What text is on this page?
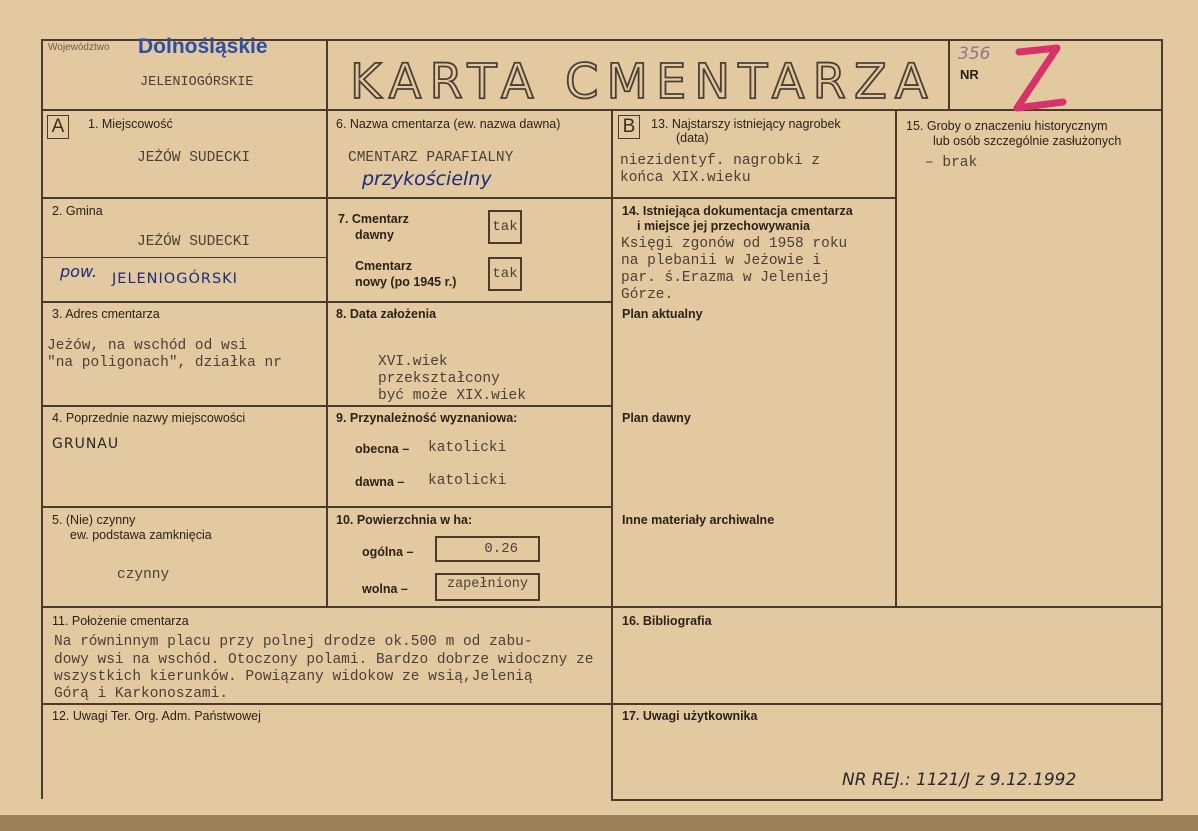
Województwo Dolnośląskie
JELENIOGÓRSKIE KARTA CMENTARZA 356
NR
A	1. Miejscowość
JEŻÓW SUDECKI
2. Gmina
JEŻÓW SUDECKI
pow. JELENIOGÓRSKI
3. Adres cmentarza
Jeżów, na wschód od wsi
"na poligonach", działka nr
4. Poprzednie nazwy miejscowości
GRUNAU
5. (Nie) czynny
ew. podstawa zamknięcia
czynny
6. Nazwa cmentarza (ew. nazwa dawna)
CMENTARZ PARAFIALNY
przykościelny
7. Cmentarz
dawny	tak
Cmentarz
nowy (po 1945 r.)	tak
8. Data założenia
XVI.wiek
przekształcony
być może XIX.wiek
9. Przynależność wyznaniowa:
obecna – katolicki
dawna – katolicki
10. Powierzchnia w ha:
ogólna –	0.26
wolna –	zapełniony
11. Położenie cmentarza
Na równinnym placu przy polnej drodze ok.500 m od zabu-
dowy wsi na wschód. Otoczony polami. Bardzo dobrze widoczny ze
wszystkich kierunków. Powiązany widokow ze wsią,Jelenią
Górą i Karkonoszami.
12. Uwagi Ter. Org. Adm. Państwowej
B	13. Najstarszy istniejący nagrobek
(data)
niezidentyf. nagrobki z
końca XIX.wieku
14. Istniejąca dokumentacja cmentarza
i miejsce jej przechowywania
Księgi zgonów od 1958 roku
na plebanii w Jeżowie i
par. ś.Erazma w Jeleniej
Górze.
Plan aktualny
Plan dawny
Inne materiały archiwalne
15. Groby o znaczeniu historycznym
lub osób szczególnie zasłużonych
– brak
16. Bibliografia
17. Uwagi użytkownika
NR REJ.: 1121/J z 9.12.1992
